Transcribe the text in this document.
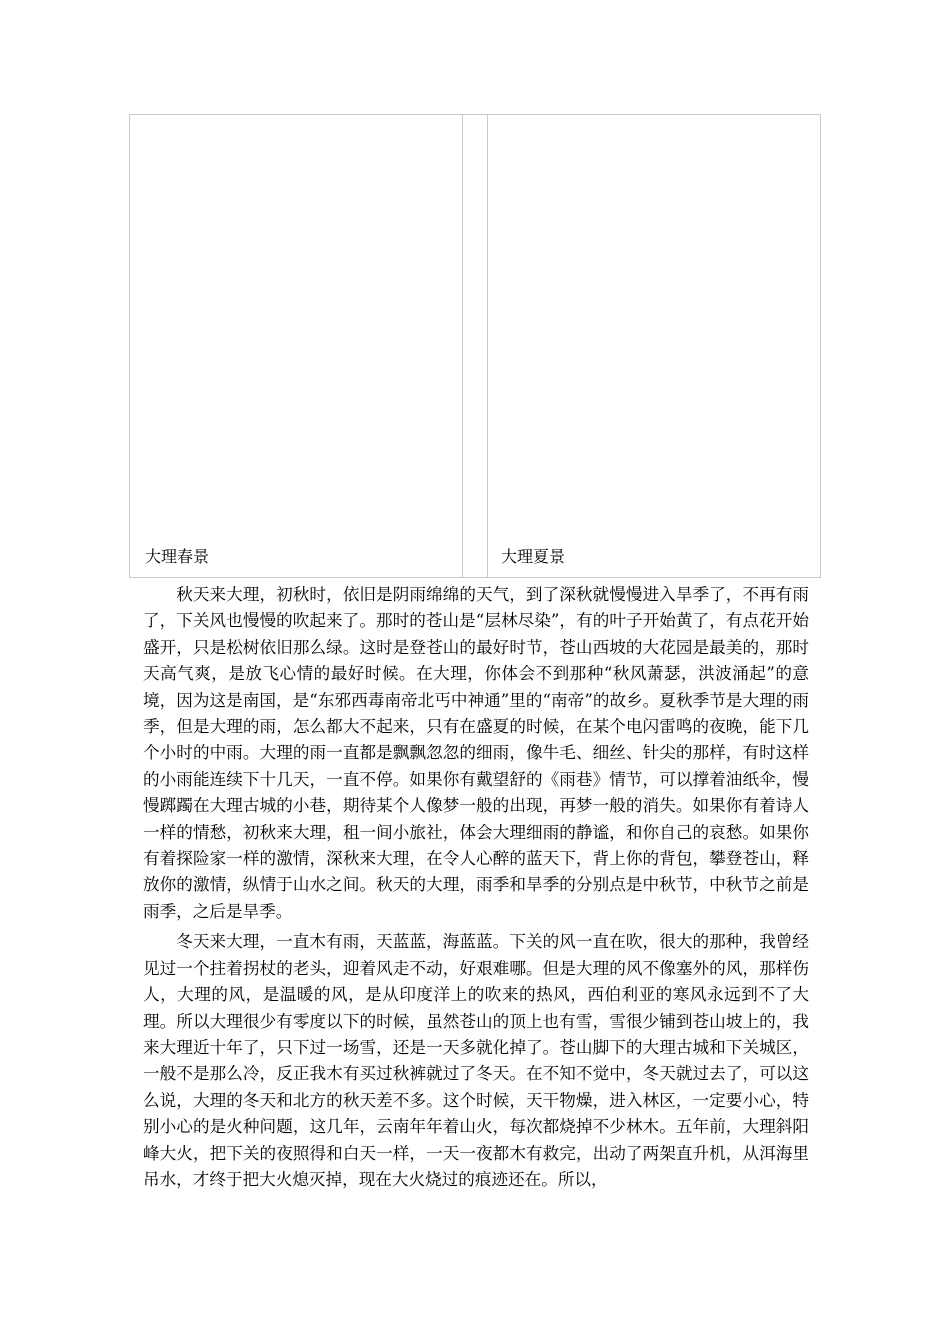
大理春景	大理夏景

秋天来大理，初秋时，依旧是阴雨绵绵的天气，到了深秋就慢慢进入旱季了，不再有雨了，下关风也慢慢的吹起来了。那时的苍山是“层林尽染”，有的叶子开始黄了，有点花开始盛开，只是松树依旧那么绿。这时是登苍山的最好时节，苍山西坡的大花园是最美的，那时天高气爽，是放飞心情的最好时候。在大理，你体会不到那种“秋风萧瑟，洪波涌起”的意境，因为这是南国，是“东邪西毒南帝北丐中神通”里的“南帝”的故乡。夏秋季节是大理的雨季，但是大理的雨，怎么都大不起来，只有在盛夏的时候，在某个电闪雷鸣的夜晚，能下几个小时的中雨。大理的雨一直都是飘飘忽忽的细雨，像牛毛、细丝、针尖的那样，有时这样的小雨能连续下十几天，一直不停。如果你有戴望舒的《雨巷》情节，可以撑着油纸伞，慢慢踯躅在大理古城的小巷，期待某个人像梦一般的出现，再梦一般的消失。如果你有着诗人一样的情愁，初秋来大理，租一间小旅社，体会大理细雨的静谧，和你自己的哀愁。如果你有着探险家一样的激情，深秋来大理，在令人心醉的蓝天下，背上你的背包，攀登苍山，释放你的激情，纵情于山水之间。秋天的大理，雨季和旱季的分别点是中秋节，中秋节之前是雨季，之后是旱季。

冬天来大理，一直木有雨，天蓝蓝，海蓝蓝。下关的风一直在吹，很大的那种，我曾经见过一个拄着拐杖的老头，迎着风走不动，好艰难哪。但是大理的风不像塞外的风，那样伤人，大理的风，是温暖的风，是从印度洋上的吹来的热风，西伯利亚的寒风永远到不了大理。所以大理很少有零度以下的时候，虽然苍山的顶上也有雪，雪很少铺到苍山坡上的，我来大理近十年了，只下过一场雪，还是一天多就化掉了。苍山脚下的大理古城和下关城区，一般不是那么冷，反正我木有买过秋裤就过了冬天。在不知不觉中，冬天就过去了，可以这么说，大理的冬天和北方的秋天差不多。这个时候，天干物燥，进入林区，一定要小心，特别小心的是火种问题，这几年，云南年年着山火，每次都烧掉不少林木。五年前，大理斜阳峰大火，把下关的夜照得和白天一样，一天一夜都木有救完，出动了两架直升机，从洱海里吊水，才终于把大火熄灭掉，现在大火烧过的痕迹还在。所以，
